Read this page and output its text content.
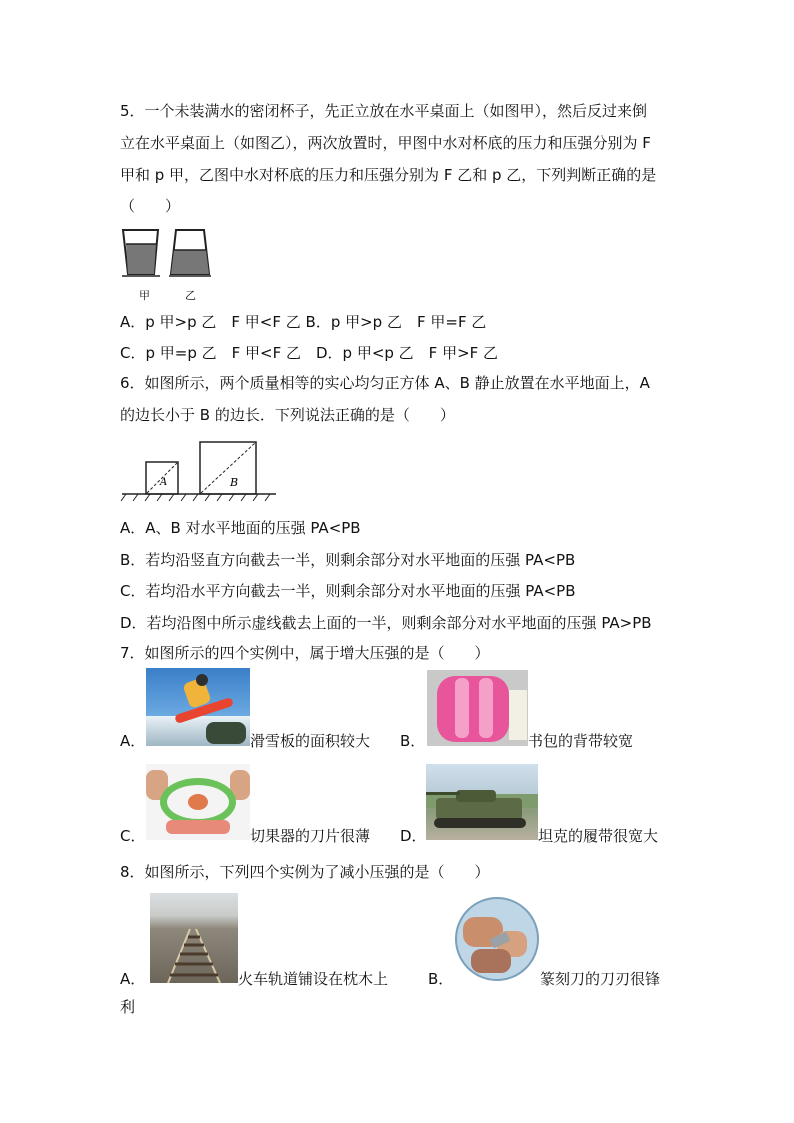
5．一个未装满水的密闭杯子，先正立放在水平桌面上（如图甲），然后反过来倒
立在水平桌面上（如图乙），两次放置时，甲图中水对杯底的压力和压强分别为 F
甲和 p 甲，乙图中水对杯底的压力和压强分别为 F 乙和 p 乙，下列判断正确的是
（　　）
甲	乙
A．p 甲>p 乙　F 甲<F 乙 B．p 甲>p 乙　F 甲=F 乙
C．p 甲=p 乙　F 甲<F 乙　D．p 甲<p 乙　F 甲>F 乙
6．如图所示，两个质量相等的实心均匀正方体 A、B 静止放置在水平地面上，A
的边长小于 B 的边长．下列说法正确的是（　　）
A	B
A．A、B 对水平地面的压强 PA<PB
B．若均沿竖直方向截去一半，则剩余部分对水平地面的压强 PA<PB
C．若均沿水平方向截去一半，则剩余部分对水平地面的压强 PA<PB
D．若均沿图中所示虚线截去上面的一半，则剩余部分对水平地面的压强 PA>PB
7．如图所示的四个实例中，属于增大压强的是（　　）
A．	滑雪板的面积较大 B．	书包的背带较宽
C．	切果器的刀片很薄 D．	坦克的履带很宽大
8．如图所示，下列四个实例为了减小压强的是（　　）
A．	火车轨道铺设在枕木上	B．	篆刻刀的刀刃很锋
利
